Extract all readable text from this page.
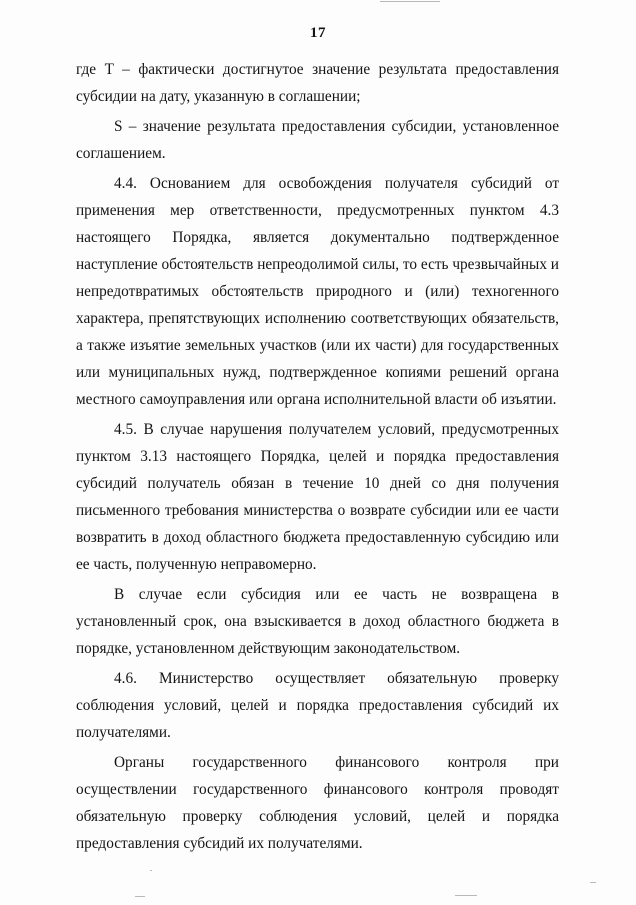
17

где T – фактически достигнутое значение результата предоставления субсидии на дату, указанную в соглашении;

S – значение результата предоставления субсидии, установленное соглашением.

4.4. Основанием для освобождения получателя субсидий от применения мер ответственности, предусмотренных пунктом 4.3 настоящего Порядка, является документально подтвержденное наступление обстоятельств непреодолимой силы, то есть чрезвычайных и непредотвратимых обстоятельств природного и (или) техногенного характера, препятствующих исполнению соответствующих обязательств, а также изъятие земельных участков (или их части) для государственных или муниципальных нужд, подтвержденное копиями решений органа местного самоуправления или органа исполнительной власти об изъятии.

4.5. В случае нарушения получателем условий, предусмотренных пунктом 3.13 настоящего Порядка, целей и порядка предоставления субсидий получатель обязан в течение 10 дней со дня получения письменного требования министерства о возврате субсидии или ее части возвратить в доход областного бюджета предоставленную субсидию или ее часть, полученную неправомерно.

В случае если субсидия или ее часть не возвращена в установленный срок, она взыскивается в доход областного бюджета в порядке, установленном действующим законодательством.

4.6. Министерство осуществляет обязательную проверку соблюдения условий, целей и порядка предоставления субсидий их получателями.

Органы государственного финансового контроля при осуществлении государственного финансового контроля проводят обязательную проверку соблюдения условий, целей и порядка предоставления субсидий их получателями.
